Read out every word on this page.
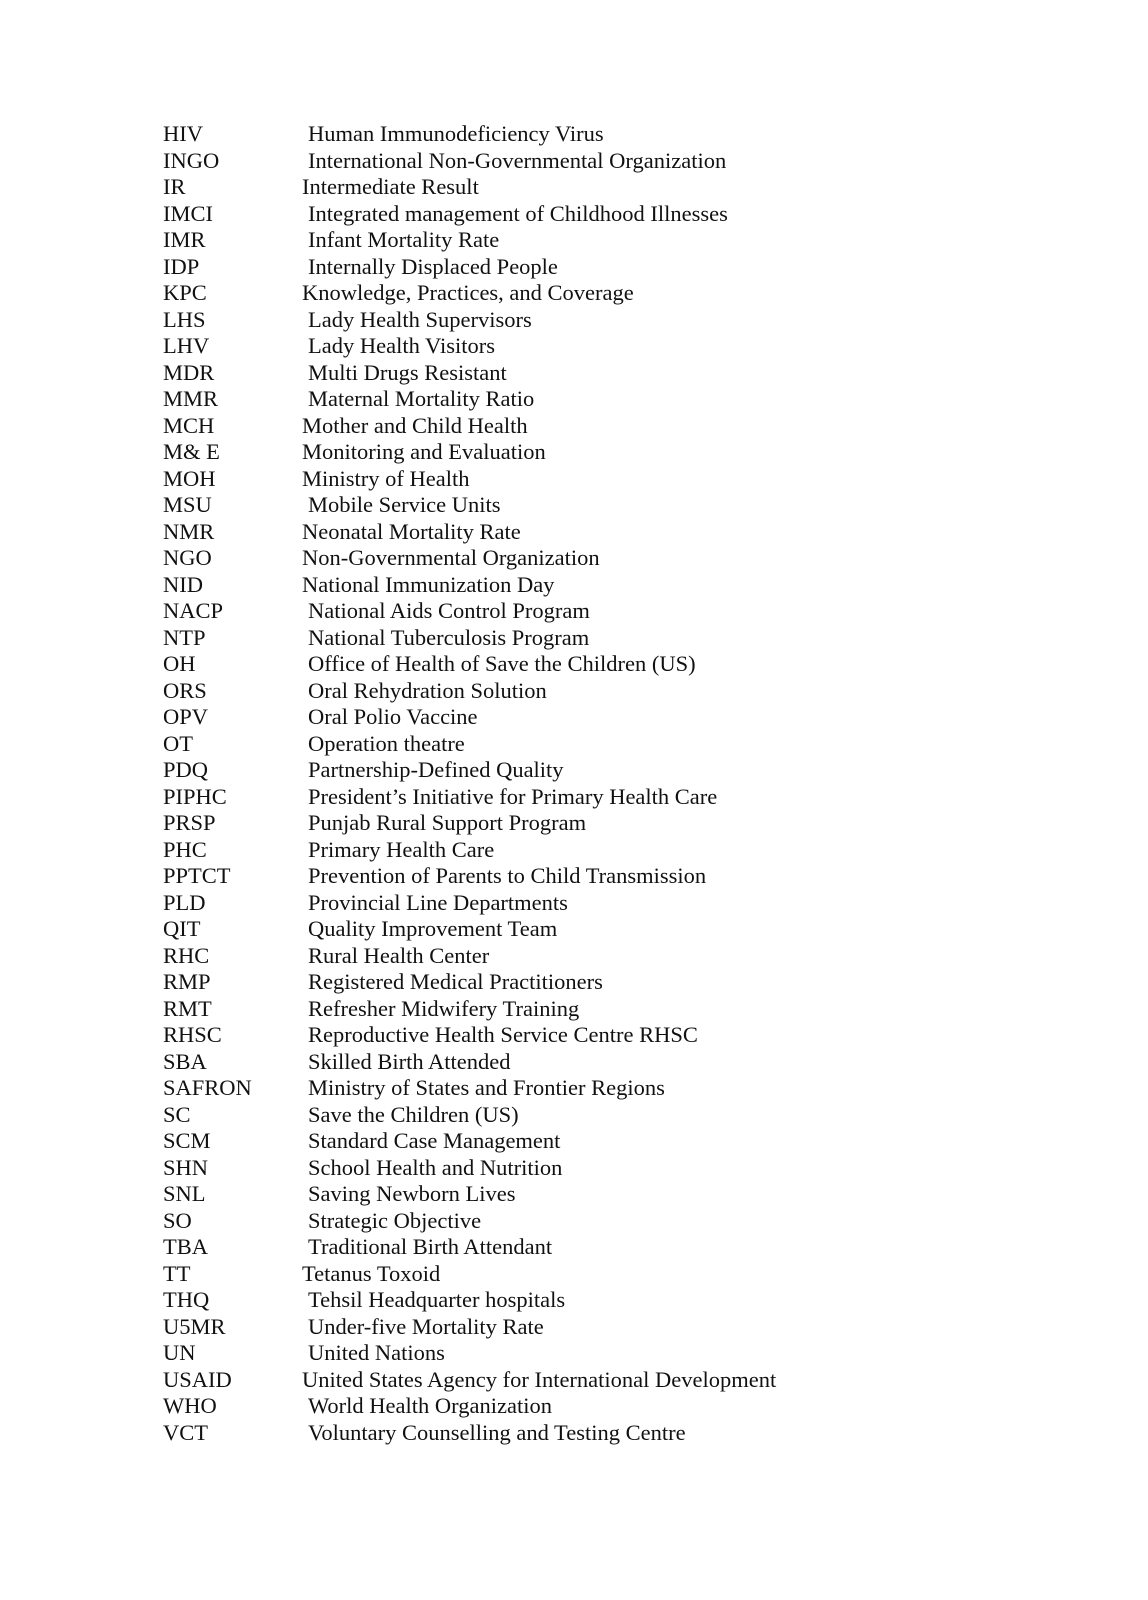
HIV	Human Immunodeficiency Virus
INGO	International Non-Governmental Organization
IR	Intermediate Result
IMCI	Integrated management of Childhood Illnesses
IMR	Infant Mortality Rate
IDP	Internally Displaced People
KPC	Knowledge, Practices, and Coverage
LHS	Lady Health Supervisors
LHV	Lady Health Visitors
MDR	Multi Drugs Resistant
MMR	Maternal Mortality Ratio
MCH	Mother and Child Health
M& E	Monitoring and Evaluation
MOH	Ministry of Health
MSU	Mobile Service Units
NMR	Neonatal Mortality Rate
NGO	Non-Governmental Organization
NID	National Immunization Day
NACP	National Aids Control Program
NTP	National Tuberculosis Program
OH	Office of Health of Save the Children (US)
ORS	Oral Rehydration Solution
OPV	Oral Polio Vaccine
OT	Operation theatre
PDQ	Partnership-Defined Quality
PIPHC	President’s Initiative for Primary Health Care
PRSP	Punjab Rural Support Program
PHC	Primary Health Care
PPTCT	Prevention of Parents to Child Transmission
PLD	Provincial Line Departments
QIT	Quality Improvement Team
RHC	Rural Health Center
RMP	Registered Medical Practitioners
RMT	Refresher Midwifery Training
RHSC	Reproductive Health Service Centre RHSC
SBA	Skilled Birth Attended
SAFRON Ministry of States and Frontier Regions
SC	Save the Children (US)
SCM	Standard Case Management
SHN	School Health and Nutrition
SNL	Saving Newborn Lives
SO	Strategic Objective
TBA	Traditional Birth Attendant
TT	Tetanus Toxoid
THQ	Tehsil Headquarter hospitals
U5MR	Under-five Mortality Rate
UN	United Nations
USAID	United States Agency for International Development
WHO	World Health Organization
VCT	Voluntary Counselling and Testing Centre
